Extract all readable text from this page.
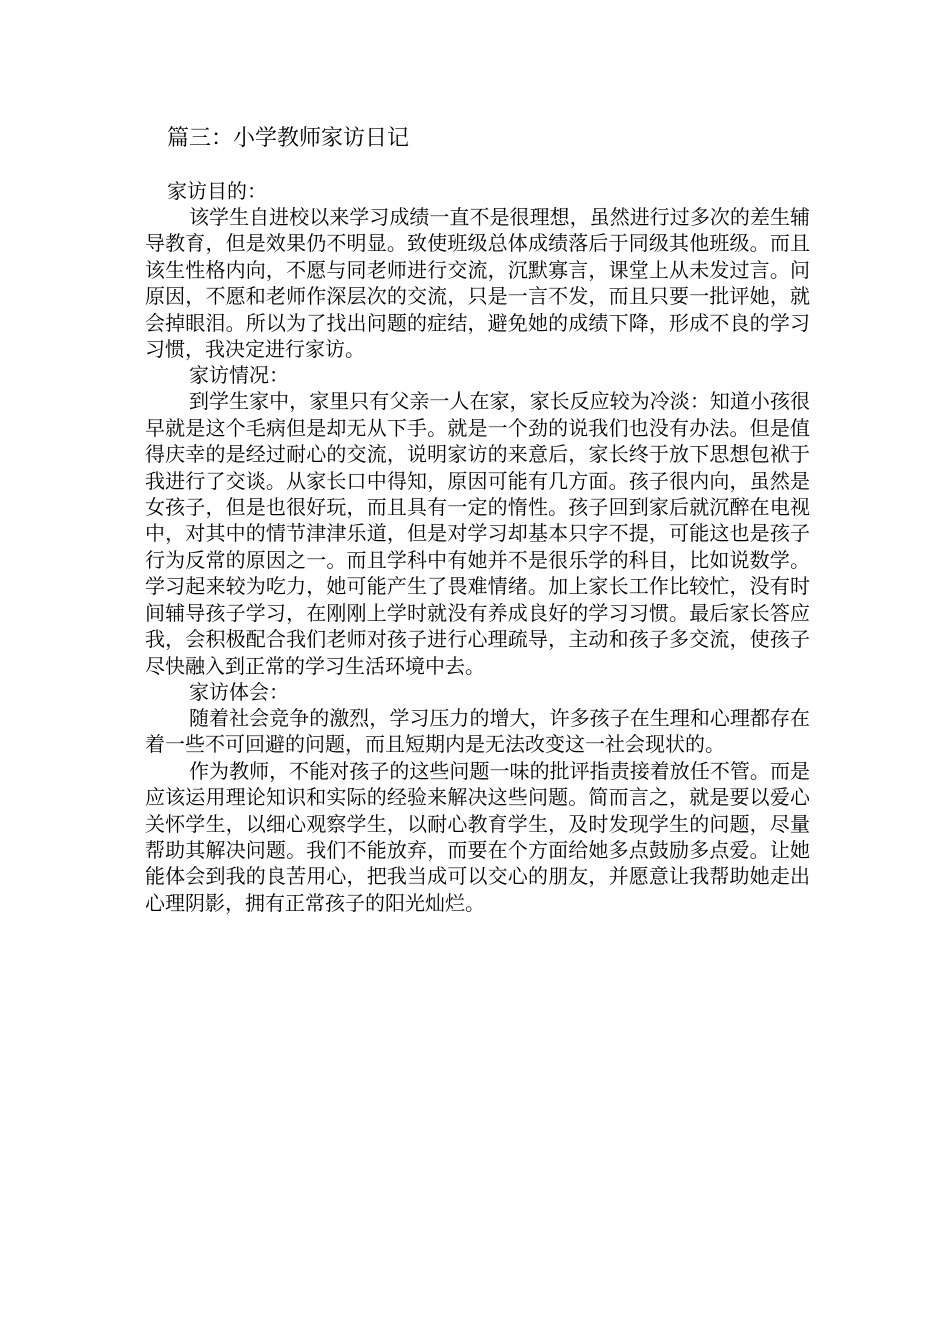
篇三：小学教师家访日记
家访目的：

该学生自进校以来学习成绩一直不是很理想，虽然进行过多次的差生辅导教育，但是效果仍不明显。致使班级总体成绩落后于同级其他班级。而且该生性格内向，不愿与同老师进行交流，沉默寡言，课堂上从未发过言。问原因，不愿和老师作深层次的交流，只是一言不发，而且只要一批评她，就会掉眼泪。所以为了找出问题的症结，避免她的成绩下降，形成不良的学习习惯，我决定进行家访。

家访情况：

到学生家中，家里只有父亲一人在家，家长反应较为冷淡：知道小孩很早就是这个毛病但是却无从下手。就是一个劲的说我们也没有办法。但是值得庆幸的是经过耐心的交流，说明家访的来意后，家长终于放下思想包袱于我进行了交谈。从家长口中得知，原因可能有几方面。孩子很内向，虽然是女孩子，但是也很好玩，而且具有一定的惰性。孩子回到家后就沉醉在电视中，对其中的情节津津乐道，但是对学习却基本只字不提，可能这也是孩子行为反常的原因之一。而且学科中有她并不是很乐学的科目，比如说数学。学习起来较为吃力，她可能产生了畏难情绪。加上家长工作比较忙，没有时间辅导孩子学习，在刚刚上学时就没有养成良好的学习习惯。最后家长答应我，会积极配合我们老师对孩子进行心理疏导，主动和孩子多交流，使孩子尽快融入到正常的学习生活环境中去。

家访体会：

随着社会竞争的激烈，学习压力的增大，许多孩子在生理和心理都存在着一些不可回避的问题，而且短期内是无法改变这一社会现状的。

作为教师，不能对孩子的这些问题一味的批评指责接着放任不管。而是应该运用理论知识和实际的经验来解决这些问题。简而言之，就是要以爱心关怀学生，以细心观察学生，以耐心教育学生，及时发现学生的问题，尽量帮助其解决问题。我们不能放弃，而要在个方面给她多点鼓励多点爱。让她能体会到我的良苦用心，把我当成可以交心的朋友，并愿意让我帮助她走出心理阴影，拥有正常孩子的阳光灿烂。
